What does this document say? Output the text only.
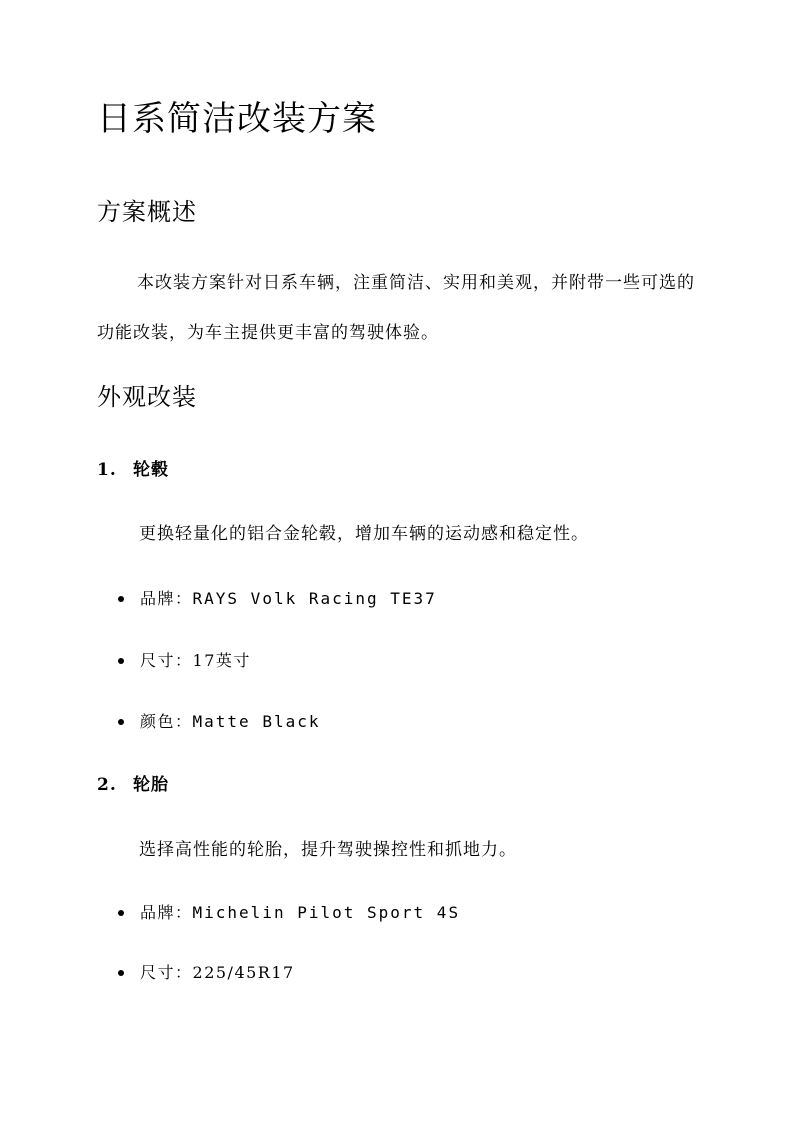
日系简洁改装方案
方案概述

本改装方案针对日系车辆，注重简洁、实用和美观，并附带一些可选的功能改装，为车主提供更丰富的驾驶体验。

外观改装
1. 轮毂

更换轻量化的铝合金轮毂，增加车辆的运动感和稳定性。

品牌：RAYS Volk Racing TE37
尺寸：17英寸
颜色：Matte Black
2. 轮胎

选择高性能的轮胎，提升驾驶操控性和抓地力。

品牌：Michelin Pilot Sport 4S
尺寸：225/45R17
